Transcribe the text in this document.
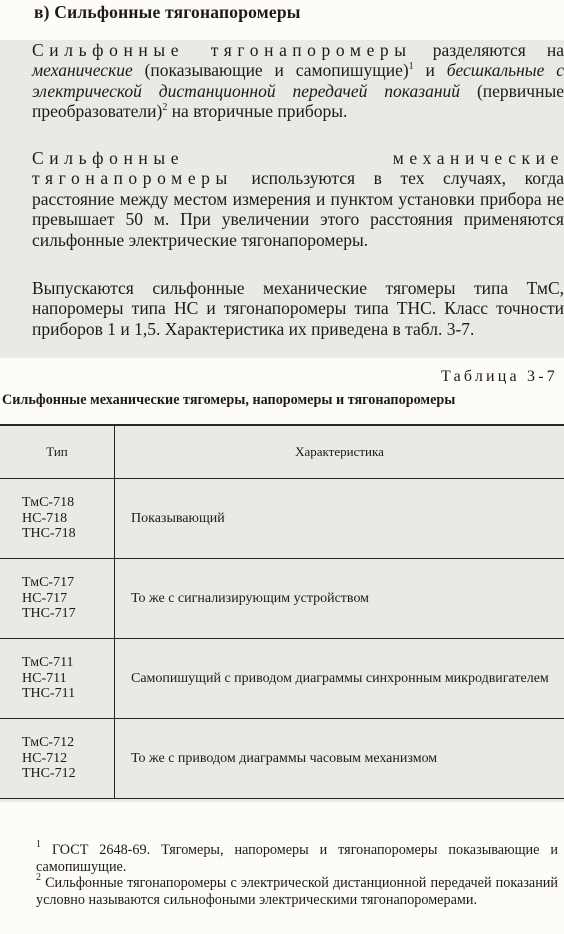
в) Сильфонные тягонапоромеры
Сильфонные тягонапоромеры разделяются на механические (показывающие и самопишущие)$^1$ и бесшкальные с электрической дистанционной передачей показаний (первичные преобразователи)$^2$ на вторичные приборы.
Сильфонные механические тягонапоромеры используются в тех случаях, когда расстояние между местом измерения и пунктом установки прибора не превышает 50 м. При увеличении этого расстояния применяются сильфонные электрические тягонапоромеры.
Выпускаются сильфонные механические тягомеры типа ТмС, напоромеры типа НС и тягонапоромеры типа ТНС. Класс точности приборов 1 и 1,5. Характеристика их приведена в табл. 3-7.
Таблица 3-7
Сильфонные механические тягомеры, напоромеры и тягонапоромеры
Тип	Характеристика

ТмС-718
НС-718
ТНС-718	Показывающий

ТмС-717
НС-717
ТНС-717	То же с сигнализирующим устройством

ТмС-711
НС-711
ТНС-711	Самопишущий с приводом диаграммы синхронным микродвигателем

ТмС-712
НС-712
ТНС-712	То же с приводом диаграммы часовым механизмом
$^1$ ГОСТ 2648-69. Тягомеры, напоромеры и тягонапоромеры показывающие и самопишущие.
$^2$ Сильфонные тягонапоромеры с электрической дистанционной передачей показаний условно называются сильнофоными электрическими тягонапоромерами.
